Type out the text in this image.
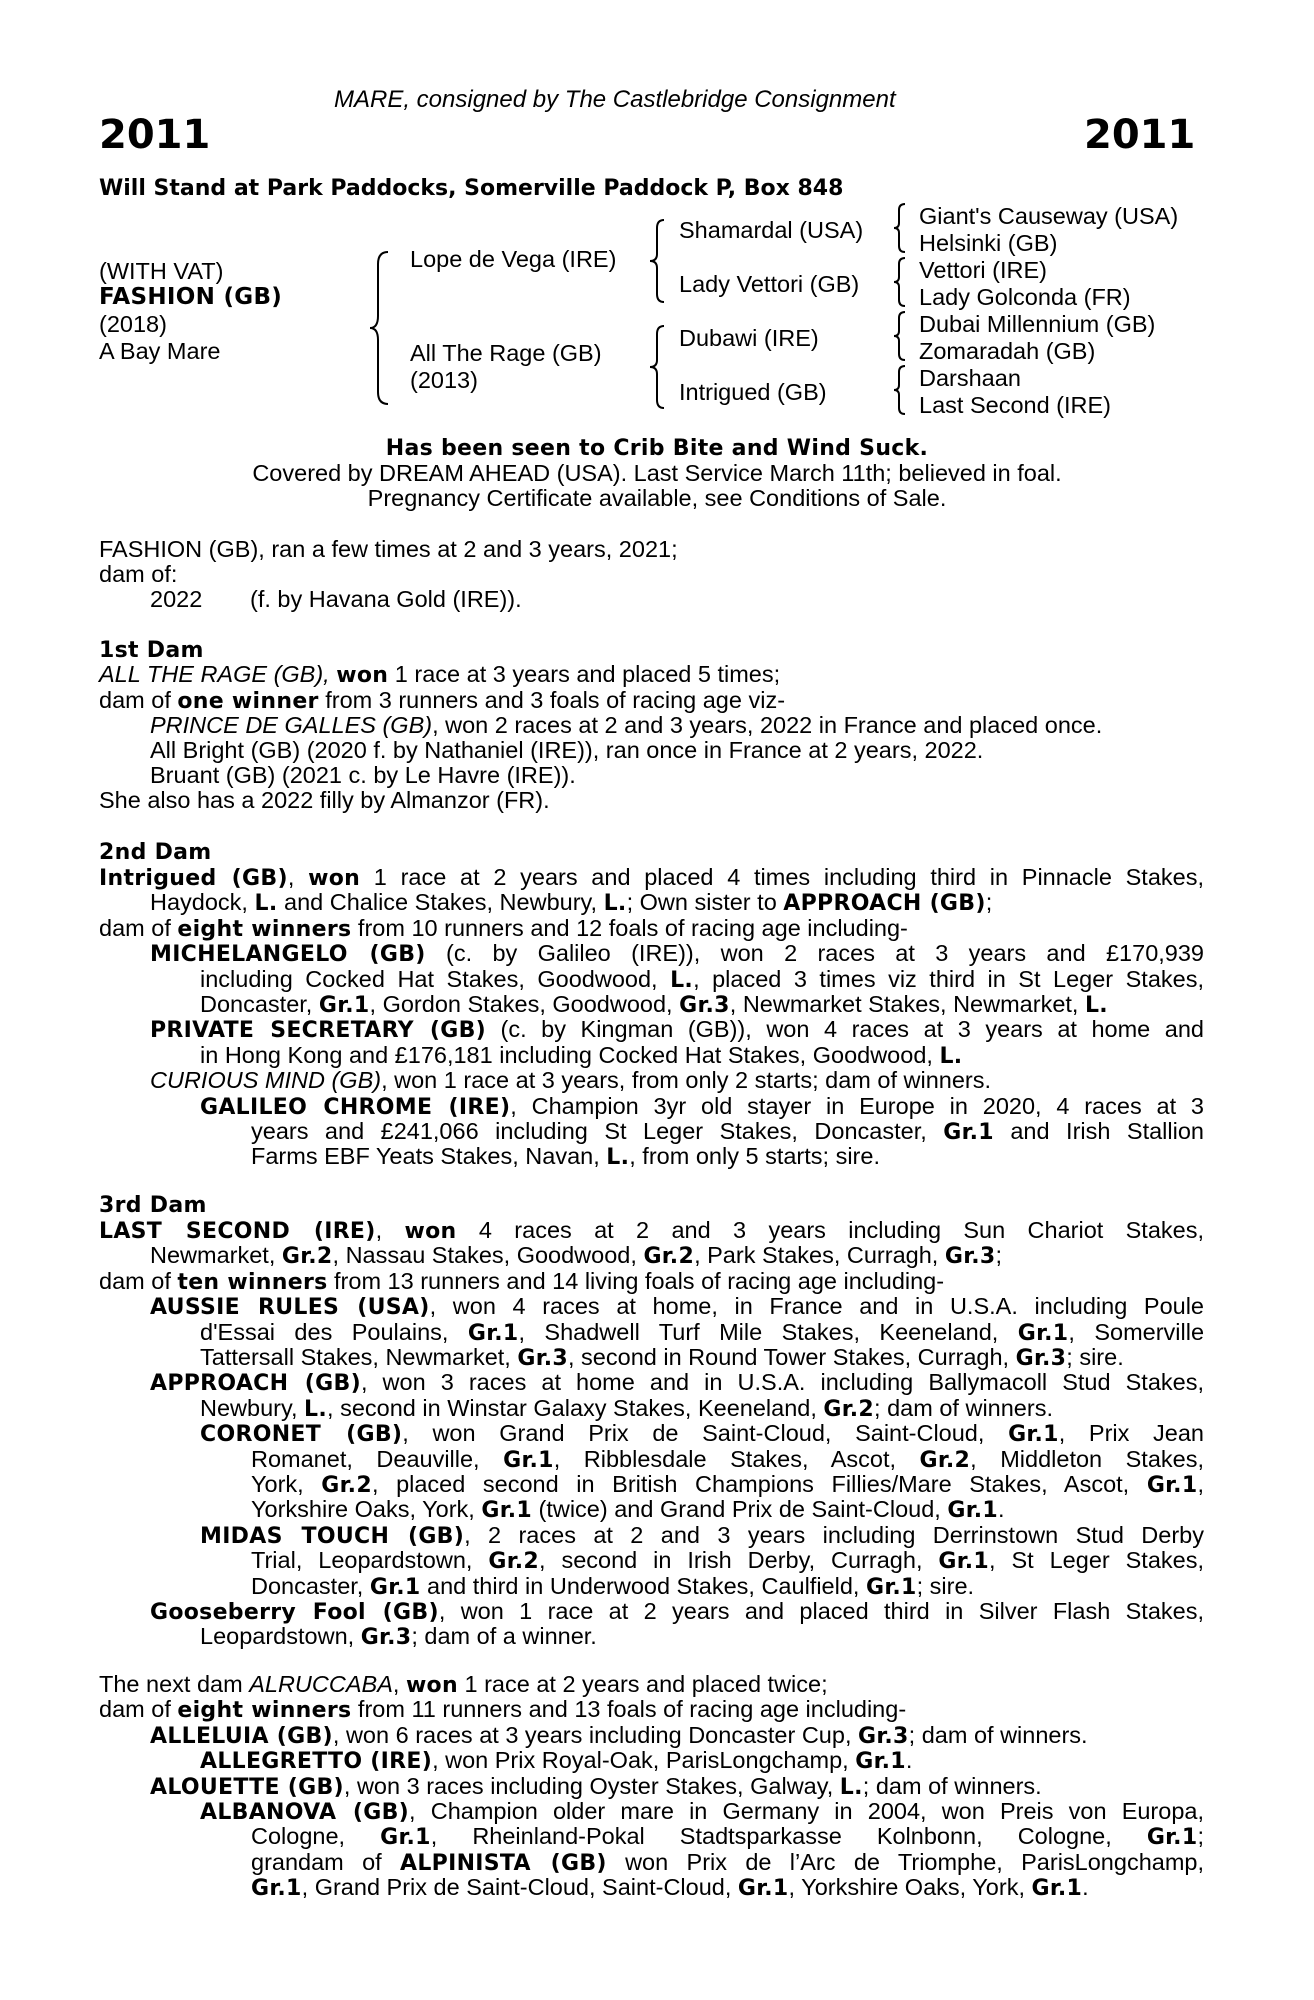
MARE, consigned by The Castlebridge Consignment
2011	2011
Will Stand at Park Paddocks, Somerville Paddock P, Box 848
(WITH VAT)
FASHION (GB)
(2018)
A Bay Mare
Lope de Vega (IRE)
All The Rage (GB)
(2013)
Shamardal (USA)
Lady Vettori (GB)
Dubawi (IRE)
Intrigued (GB)
Giant's Causeway (USA)
Helsinki (GB)
Vettori (IRE)
Lady Golconda (FR)
Dubai Millennium (GB)
Zomaradah (GB)
Darshaan
Last Second (IRE)
Has been seen to Crib Bite and Wind Suck.
Covered by DREAM AHEAD (USA). Last Service March 11th; believed in foal.
Pregnancy Certificate available, see Conditions of Sale.
FASHION (GB), ran a few times at 2 and 3 years, 2021;
dam of:
2022 (f. by Havana Gold (IRE)).
1st Dam
ALL THE RAGE (GB), won 1 race at 3 years and placed 5 times;
dam of one winner from 3 runners and 3 foals of racing age viz-
PRINCE DE GALLES (GB), won 2 races at 2 and 3 years, 2022 in France and placed once.
All Bright (GB) (2020 f. by Nathaniel (IRE)), ran once in France at 2 years, 2022.
Bruant (GB) (2021 c. by Le Havre (IRE)).
She also has a 2022 filly by Almanzor (FR).
2nd Dam
Intrigued (GB), won 1 race at 2 years and placed 4 times including third in Pinnacle Stakes,
Haydock, L. and Chalice Stakes, Newbury, L.; Own sister to APPROACH (GB);
dam of eight winners from 10 runners and 12 foals of racing age including-
MICHELANGELO (GB) (c. by Galileo (IRE)), won 2 races at 3 years and £170,939
including Cocked Hat Stakes, Goodwood, L., placed 3 times viz third in St Leger Stakes,
Doncaster, Gr.1, Gordon Stakes, Goodwood, Gr.3, Newmarket Stakes, Newmarket, L.
PRIVATE SECRETARY (GB) (c. by Kingman (GB)), won 4 races at 3 years at home and
in Hong Kong and £176,181 including Cocked Hat Stakes, Goodwood, L.
CURIOUS MIND (GB), won 1 race at 3 years, from only 2 starts; dam of winners.
GALILEO CHROME (IRE), Champion 3yr old stayer in Europe in 2020, 4 races at 3
years and £241,066 including St Leger Stakes, Doncaster, Gr.1 and Irish Stallion
Farms EBF Yeats Stakes, Navan, L., from only 5 starts; sire.
3rd Dam
LAST SECOND (IRE), won 4 races at 2 and 3 years including Sun Chariot Stakes,
Newmarket, Gr.2, Nassau Stakes, Goodwood, Gr.2, Park Stakes, Curragh, Gr.3;
dam of ten winners from 13 runners and 14 living foals of racing age including-
AUSSIE RULES (USA), won 4 races at home, in France and in U.S.A. including Poule
d'Essai des Poulains, Gr.1, Shadwell Turf Mile Stakes, Keeneland, Gr.1, Somerville
Tattersall Stakes, Newmarket, Gr.3, second in Round Tower Stakes, Curragh, Gr.3; sire.
APPROACH (GB), won 3 races at home and in U.S.A. including Ballymacoll Stud Stakes,
Newbury, L., second in Winstar Galaxy Stakes, Keeneland, Gr.2; dam of winners.
CORONET (GB), won Grand Prix de Saint-Cloud, Saint-Cloud, Gr.1, Prix Jean
Romanet, Deauville, Gr.1, Ribblesdale Stakes, Ascot, Gr.2, Middleton Stakes,
York, Gr.2, placed second in British Champions Fillies/Mare Stakes, Ascot, Gr.1,
Yorkshire Oaks, York, Gr.1 (twice) and Grand Prix de Saint-Cloud, Gr.1.
MIDAS TOUCH (GB), 2 races at 2 and 3 years including Derrinstown Stud Derby
Trial, Leopardstown, Gr.2, second in Irish Derby, Curragh, Gr.1, St Leger Stakes,
Doncaster, Gr.1 and third in Underwood Stakes, Caulfield, Gr.1; sire.
Gooseberry Fool (GB), won 1 race at 2 years and placed third in Silver Flash Stakes,
Leopardstown, Gr.3; dam of a winner.
The next dam ALRUCCABA, won 1 race at 2 years and placed twice;
dam of eight winners from 11 runners and 13 foals of racing age including-
ALLELUIA (GB), won 6 races at 3 years including Doncaster Cup, Gr.3; dam of winners.
ALLEGRETTO (IRE), won Prix Royal-Oak, ParisLongchamp, Gr.1.
ALOUETTE (GB), won 3 races including Oyster Stakes, Galway, L.; dam of winners.
ALBANOVA (GB), Champion older mare in Germany in 2004, won Preis von Europa,
Cologne, Gr.1, Rheinland-Pokal Stadtsparkasse Kolnbonn, Cologne, Gr.1;
grandam of ALPINISTA (GB) won Prix de l’Arc de Triomphe, ParisLongchamp,
Gr.1, Grand Prix de Saint-Cloud, Saint-Cloud, Gr.1, Yorkshire Oaks, York, Gr.1.
